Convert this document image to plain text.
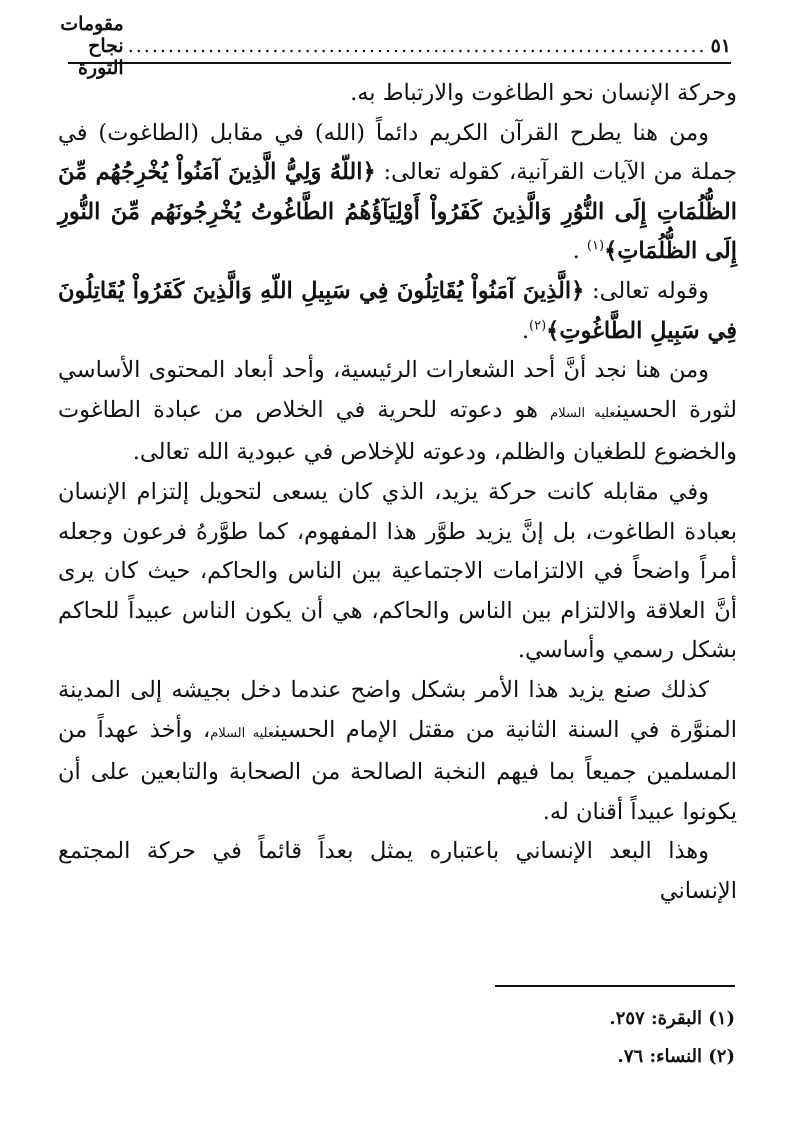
٥١
........................................................................
مقومات نجاح الثورة

وحركة الإنسان نحو الطاغوت والارتباط به.

ومن هنا يطرح القرآن الكريم دائماً (الله) في مقابل (الطاغوت) في جملة من الآيات القرآنية، كقوله تعالى: ﴿اللّهُ وَلِيُّ الَّذِينَ آمَنُواْ يُخْرِجُهُم مِّنَ الظُّلُمَاتِ إِلَى النُّوُرِ وَالَّذِينَ كَفَرُواْ أَوْلِيَآؤُهُمُ الطَّاغُوتُ يُخْرِجُونَهُم مِّنَ النُّورِ إِلَى الظُّلُمَاتِ﴾$^{(١)}$ .

وقوله تعالى: ﴿الَّذِينَ آمَنُواْ يُقَاتِلُونَ فِي سَبِيلِ اللّهِ وَالَّذِينَ كَفَرُواْ يُقَاتِلُونَ فِي سَبِيلِ الطَّاغُوتِ﴾$^{(٢)}$.

ومن هنا نجد أنَّ أحد الشعارات الرئيسية، وأحد أبعاد المحتوى الأساسي لثورة الحسينعليه السلام هو دعوته للحرية في الخلاص من عبادة الطاغوت والخضوع للطغيان والظلم، ودعوته للإخلاص في عبودية الله تعالى.

وفي مقابله كانت حركة يزيد، الذي كان يسعى لتحويل إلتزام الإنسان بعبادة الطاغوت، بل إنَّ يزيد طوَّر هذا المفهوم، كما طوَّرهُ فرعون وجعله أمراً واضحاً في الالتزامات الاجتماعية بين الناس والحاكم، حيث كان يرى أنَّ العلاقة والالتزام بين الناس والحاكم، هي أن يكون الناس عبيداً للحاكم بشكل رسمي وأساسي.

كذلك صنع يزيد هذا الأمر بشكل واضح عندما دخل بجيشه إلى المدينة المنوَّرة في السنة الثانية من مقتل الإمام الحسينعليه السلام، وأخذ عهداً من المسلمين جميعاً بما فيهم النخبة الصالحة من الصحابة والتابعين على أن يكونوا عبيداً أقنان له.

وهذا البعد الإنساني باعتباره يمثل بعداً قائماً في حركة المجتمع الإنساني

(١) البقرة: ٢٥٧.
(٢) النساء: ٧٦.
